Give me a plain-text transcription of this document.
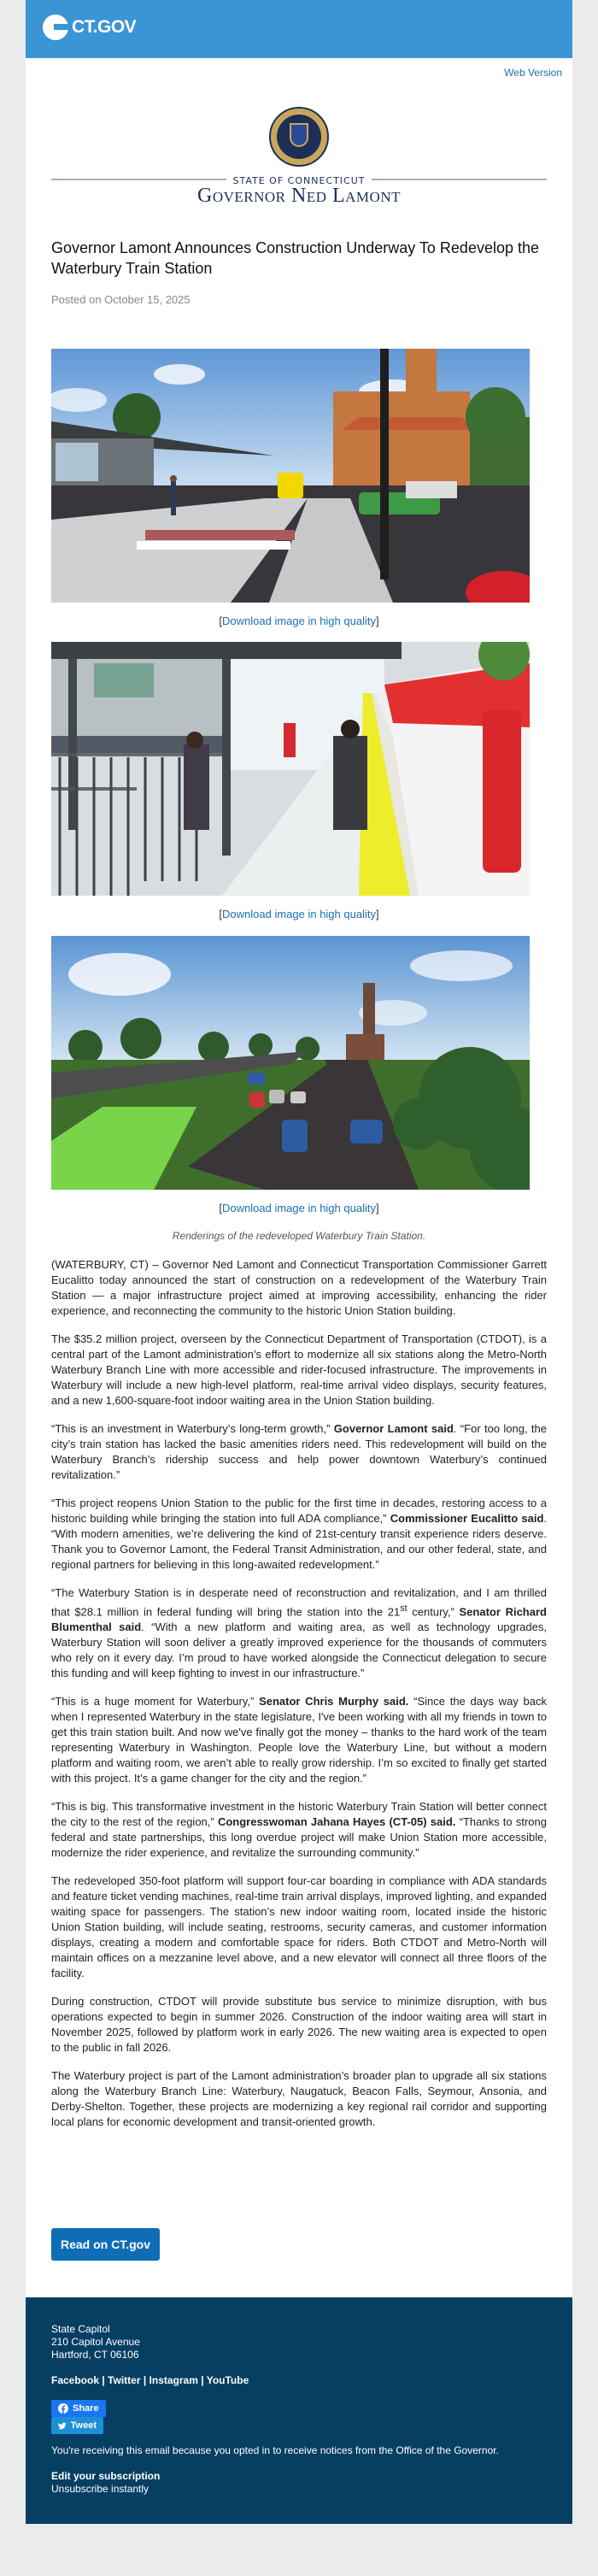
CT.GOV
Web Version
STATE OF CONNECTICUT
Governor Ned Lamont
Governor Lamont Announces Construction Underway To Redevelop the Waterbury Train Station
Posted on October 15, 2025
[Download image in high quality]
[Download image in high quality]
[Download image in high quality]
Renderings of the redeveloped Waterbury Train Station.

(WATERBURY, CT) – Governor Ned Lamont and Connecticut Transportation Commissioner Garrett Eucalitto today announced the start of construction on a redevelopment of the Waterbury Train Station — a major infrastructure project aimed at improving accessibility, enhancing the rider experience, and reconnecting the community to the historic Union Station building.

The $35.2 million project, overseen by the Connecticut Department of Transportation (CTDOT), is a central part of the Lamont administration’s effort to modernize all six stations along the Metro-North Waterbury Branch Line with more accessible and rider-focused infrastructure. The improvements in Waterbury will include a new high-level platform, real-time arrival video displays, security features, and a new 1,600-square-foot indoor waiting area in the Union Station building.

“This is an investment in Waterbury’s long-term growth,” Governor Lamont said. “For too long, the city’s train station has lacked the basic amenities riders need. This redevelopment will build on the Waterbury Branch’s ridership success and help power downtown Waterbury’s continued revitalization.”

“This project reopens Union Station to the public for the first time in decades, restoring access to a historic building while bringing the station into full ADA compliance,” Commissioner Eucalitto said. “With modern amenities, we’re delivering the kind of 21st-century transit experience riders deserve. Thank you to Governor Lamont, the Federal Transit Administration, and our other federal, state, and regional partners for believing in this long-awaited redevelopment.”

“The Waterbury Station is in desperate need of reconstruction and revitalization, and I am thrilled that $28.1 million in federal funding will bring the station into the 21st century,” Senator Richard Blumenthal said. “With a new platform and waiting area, as well as technology upgrades, Waterbury Station will soon deliver a greatly improved experience for the thousands of commuters who rely on it every day. I’m proud to have worked alongside the Connecticut delegation to secure this funding and will keep fighting to invest in our infrastructure.”

“This is a huge moment for Waterbury,” Senator Chris Murphy said. “Since the days way back when I represented Waterbury in the state legislature, I've been working with all my friends in town to get this train station built. And now we've finally got the money – thanks to the hard work of the team representing Waterbury in Washington. People love the Waterbury Line, but without a modern platform and waiting room, we aren’t able to really grow ridership. I’m so excited to finally get started with this project. It’s a game changer for the city and the region.”

“This is big. This transformative investment in the historic Waterbury Train Station will better connect the city to the rest of the region,” Congresswoman Jahana Hayes (CT-05) said. “Thanks to strong federal and state partnerships, this long overdue project will make Union Station more accessible, modernize the rider experience, and revitalize the surrounding community.”

The redeveloped 350-foot platform will support four-car boarding in compliance with ADA standards and feature ticket vending machines, real-time train arrival displays, improved lighting, and expanded waiting space for passengers. The station’s new indoor waiting room, located inside the historic Union Station building, will include seating, restrooms, security cameras, and customer information displays, creating a modern and comfortable space for riders. Both CTDOT and Metro-North will maintain offices on a mezzanine level above, and a new elevator will connect all three floors of the facility.

During construction, CTDOT will provide substitute bus service to minimize disruption, with bus operations expected to begin in summer 2026. Construction of the indoor waiting area will start in November 2025, followed by platform work in early 2026. The new waiting area is expected to open to the public in fall 2026.

The Waterbury project is part of the Lamont administration’s broader plan to upgrade all six stations along the Waterbury Branch Line: Waterbury, Naugatuck, Beacon Falls, Seymour, Ansonia, and Derby-Shelton. Together, these projects are modernizing a key regional rail corridor and supporting local plans for economic development and transit-oriented growth.

Read on CT.gov
State Capitol
210 Capitol Avenue
Hartford, CT 06106
Facebook | Twitter | Instagram | YouTube
Share
Tweet
You're receiving this email because you opted in to receive notices from the Office of the Governor.
Edit your subscription
Unsubscribe instantly
